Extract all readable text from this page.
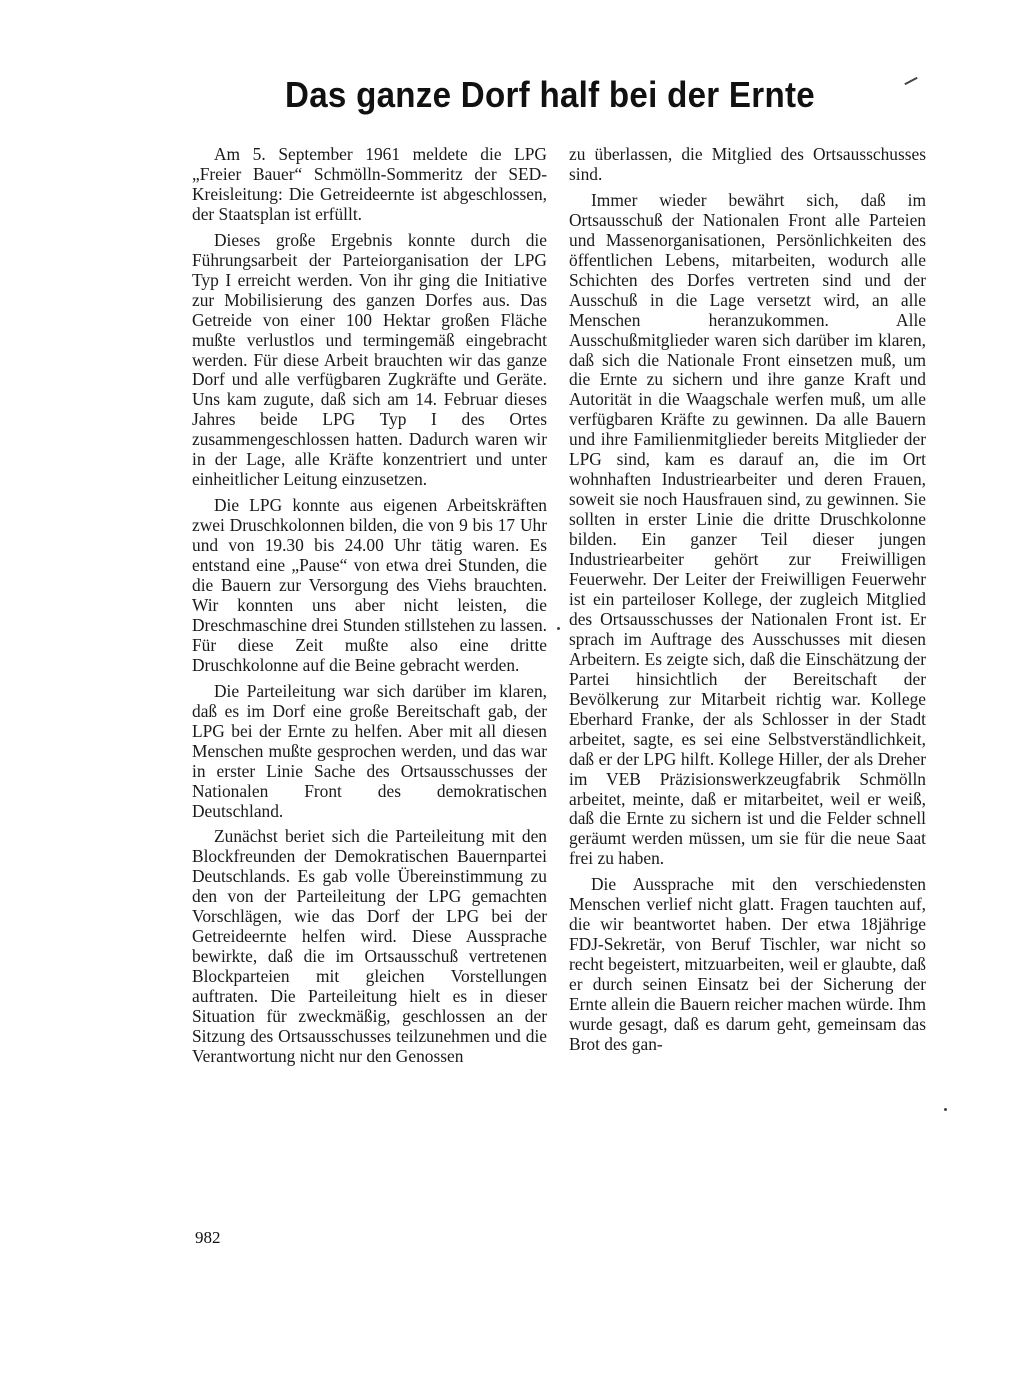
Das ganze Dorf half bei der Ernte

Am 5. September 1961 meldete die LPG „Freier Bauer“ Schmölln-Sommeritz der SED-Kreisleitung: Die Getreideernte ist abgeschlossen, der Staatsplan ist erfüllt.

Dieses große Ergebnis konnte durch die Führungsarbeit der Parteiorganisation der LPG Typ I erreicht werden. Von ihr ging die Initiative zur Mobilisierung des ganzen Dorfes aus. Das Getreide von einer 100 Hektar großen Fläche mußte verlustlos und termingemäß eingebracht werden. Für diese Arbeit brauchten wir das ganze Dorf und alle verfügbaren Zugkräfte und Geräte. Uns kam zugute, daß sich am 14. Februar dieses Jahres beide LPG Typ I des Ortes zusammengeschlossen hatten. Dadurch waren wir in der Lage, alle Kräfte konzentriert und unter einheitlicher Leitung einzusetzen.

Die LPG konnte aus eigenen Arbeitskräften zwei Druschkolonnen bilden, die von 9 bis 17 Uhr und von 19.30 bis 24.00 Uhr tätig waren. Es entstand eine „Pause“ von etwa drei Stunden, die die Bauern zur Versorgung des Viehs brauchten. Wir konnten uns aber nicht leisten, die Dreschmaschine drei Stunden stillstehen zu lassen. Für diese Zeit mußte also eine dritte Druschkolonne auf die Beine gebracht werden.

Die Parteileitung war sich darüber im klaren, daß es im Dorf eine große Bereitschaft gab, der LPG bei der Ernte zu helfen. Aber mit all diesen Menschen mußte gesprochen werden, und das war in erster Linie Sache des Ortsausschusses der Nationalen Front des demokratischen Deutschland.

Zunächst beriet sich die Parteileitung mit den Blockfreunden der Demokratischen Bauernpartei Deutschlands. Es gab volle Übereinstimmung zu den von der Parteileitung der LPG gemachten Vorschlägen, wie das Dorf der LPG bei der Getreideernte helfen wird. Diese Aussprache bewirkte, daß die im Ortsausschuß vertretenen Blockparteien mit gleichen Vorstellungen auftraten. Die Parteileitung hielt es in dieser Situation für zweckmäßig, geschlossen an der Sitzung des Ortsausschusses teilzunehmen und die Verantwortung nicht nur den Genossen

zu überlassen, die Mitglied des Ortsausschusses sind.

Immer wieder bewährt sich, daß im Ortsausschuß der Nationalen Front alle Parteien und Massenorganisationen, Persönlichkeiten des öffentlichen Lebens, mitarbeiten, wodurch alle Schichten des Dorfes vertreten sind und der Ausschuß in die Lage versetzt wird, an alle Menschen heranzukommen. Alle Ausschußmitglieder waren sich darüber im klaren, daß sich die Nationale Front einsetzen muß, um die Ernte zu sichern und ihre ganze Kraft und Autorität in die Waagschale werfen muß, um alle verfügbaren Kräfte zu gewinnen. Da alle Bauern und ihre Familienmitglieder bereits Mitglieder der LPG sind, kam es darauf an, die im Ort wohnhaften Industriearbeiter und deren Frauen, soweit sie noch Hausfrauen sind, zu gewinnen. Sie sollten in erster Linie die dritte Druschkolonne bilden. Ein ganzer Teil dieser jungen Industriearbeiter gehört zur Freiwilligen Feuerwehr. Der Leiter der Freiwilligen Feuerwehr ist ein parteiloser Kollege, der zugleich Mitglied des Ortsausschusses der Nationalen Front ist. Er sprach im Auftrage des Ausschusses mit diesen Arbeitern. Es zeigte sich, daß die Einschätzung der Partei hinsichtlich der Bereitschaft der Bevölkerung zur Mitarbeit richtig war. Kollege Eberhard Franke, der als Schlosser in der Stadt arbeitet, sagte, es sei eine Selbstverständlichkeit, daß er der LPG hilft. Kollege Hiller, der als Dreher im VEB Präzisionswerkzeugfabrik Schmölln arbeitet, meinte, daß er mitarbeitet, weil er weiß, daß die Ernte zu sichern ist und die Felder schnell geräumt werden müssen, um sie für die neue Saat frei zu haben.

Die Aussprache mit den verschiedensten Menschen verlief nicht glatt. Fragen tauchten auf, die wir beantwortet haben. Der etwa 18jährige FDJ-Sekretär, von Beruf Tischler, war nicht so recht begeistert, mitzuarbeiten, weil er glaubte, daß er durch seinen Einsatz bei der Sicherung der Ernte allein die Bauern reicher machen würde. Ihm wurde gesagt, daß es darum geht, gemeinsam das Brot des gan-

982
